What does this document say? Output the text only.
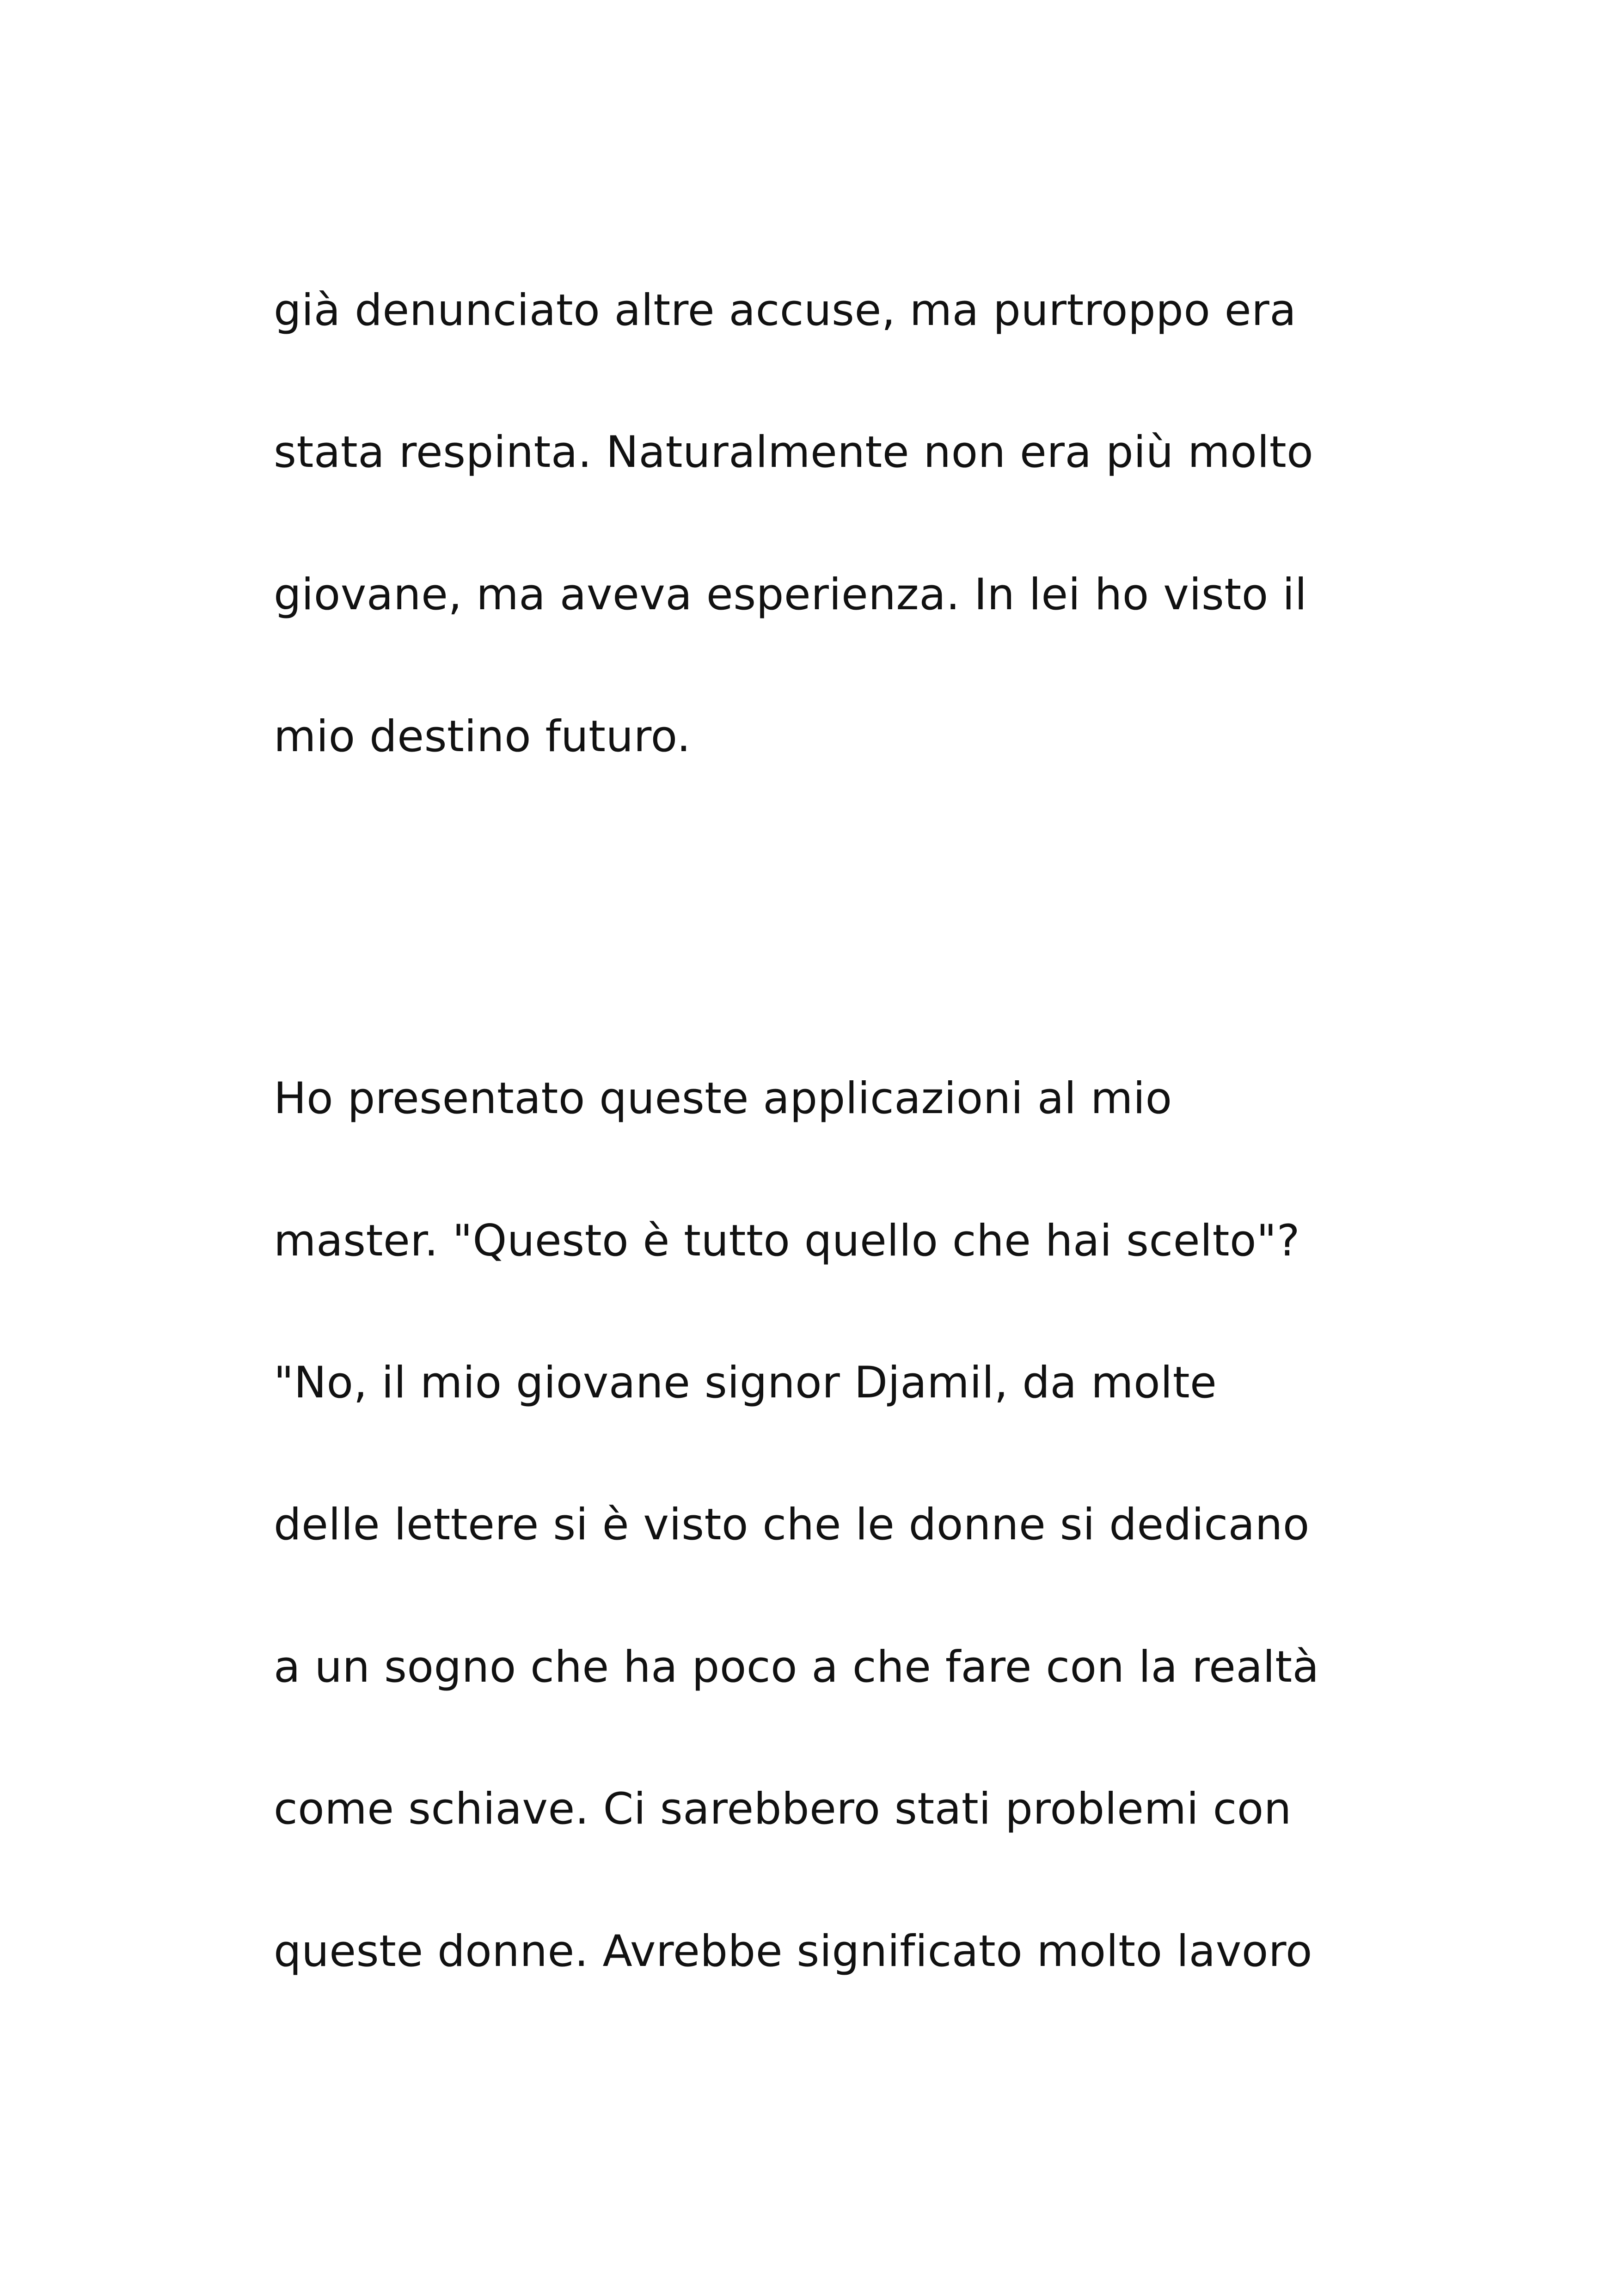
già denunciato altre accuse, ma purtroppo era

stata respinta. Naturalmente non era più molto

giovane, ma aveva esperienza. In lei ho visto il

mio destino futuro.

Ho presentato queste applicazioni al mio

master. "Questo è tutto quello che hai scelto"?

"No, il mio giovane signor Djamil, da molte

delle lettere si è visto che le donne si dedicano

a un sogno che ha poco a che fare con la realtà

come schiave. Ci sarebbero stati problemi con

queste donne. Avrebbe significato molto lavoro
